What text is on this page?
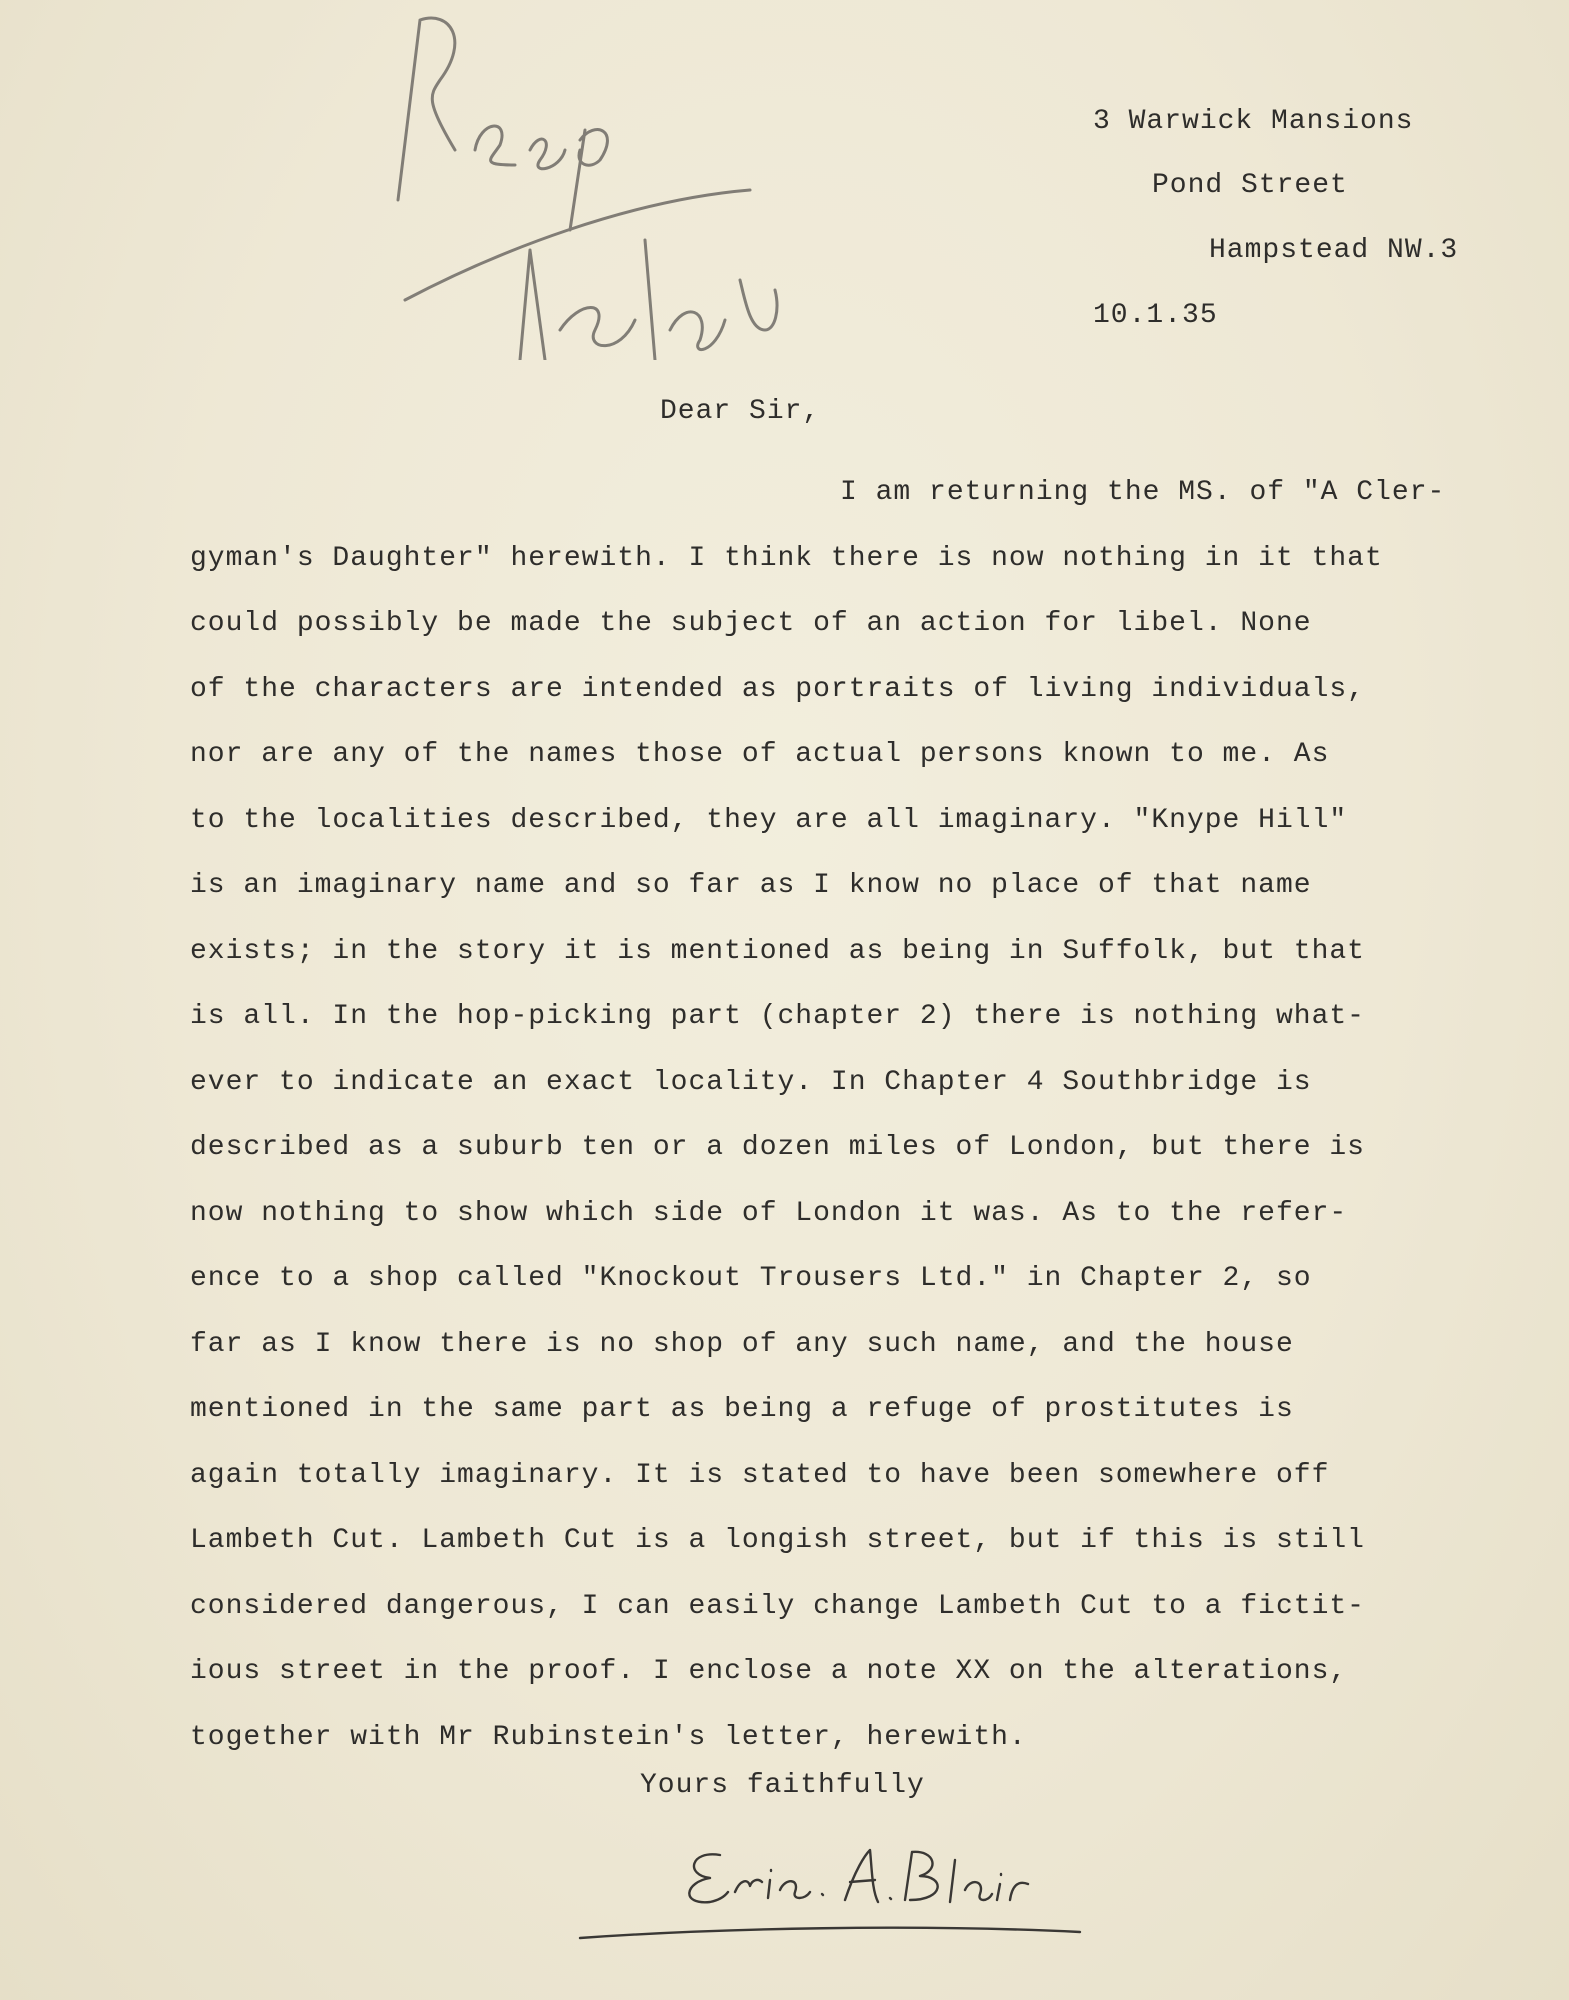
3 Warwick Mansions
Pond Street
Hampstead NW.3
10.1.35
Dear Sir,
I am returning the MS. of "A Cler-
gyman's Daughter" herewith. I think there is now nothing in it that
could possibly be made the subject of an action for libel. None
of the characters are intended as portraits of living individuals,
nor are any of the names those of actual persons known to me. As
to the localities described, they are all imaginary. "Knype Hill"
is an imaginary name and so far as I know no place of that name
exists; in the story it is mentioned as being in Suffolk, but that
is all. In the hop-picking part (chapter 2) there is nothing what-
ever to indicate an exact locality. In Chapter 4 Southbridge is
described as a suburb ten or a dozen miles of London, but there is
now nothing to show which side of London it was. As to the refer-
ence to a shop called "Knockout Trousers Ltd." in Chapter 2, so
far as I know there is no shop of any such name, and the house
mentioned in the same part as being a refuge of prostitutes is
again totally imaginary. It is stated to have been somewhere off
Lambeth Cut. Lambeth Cut is a longish street, but if this is still
considered dangerous, I can easily change Lambeth Cut to a fictit-
ious street in the proof. I enclose a note XX on the alterations,
together with Mr Rubinstein's letter, herewith.
Yours faithfully
